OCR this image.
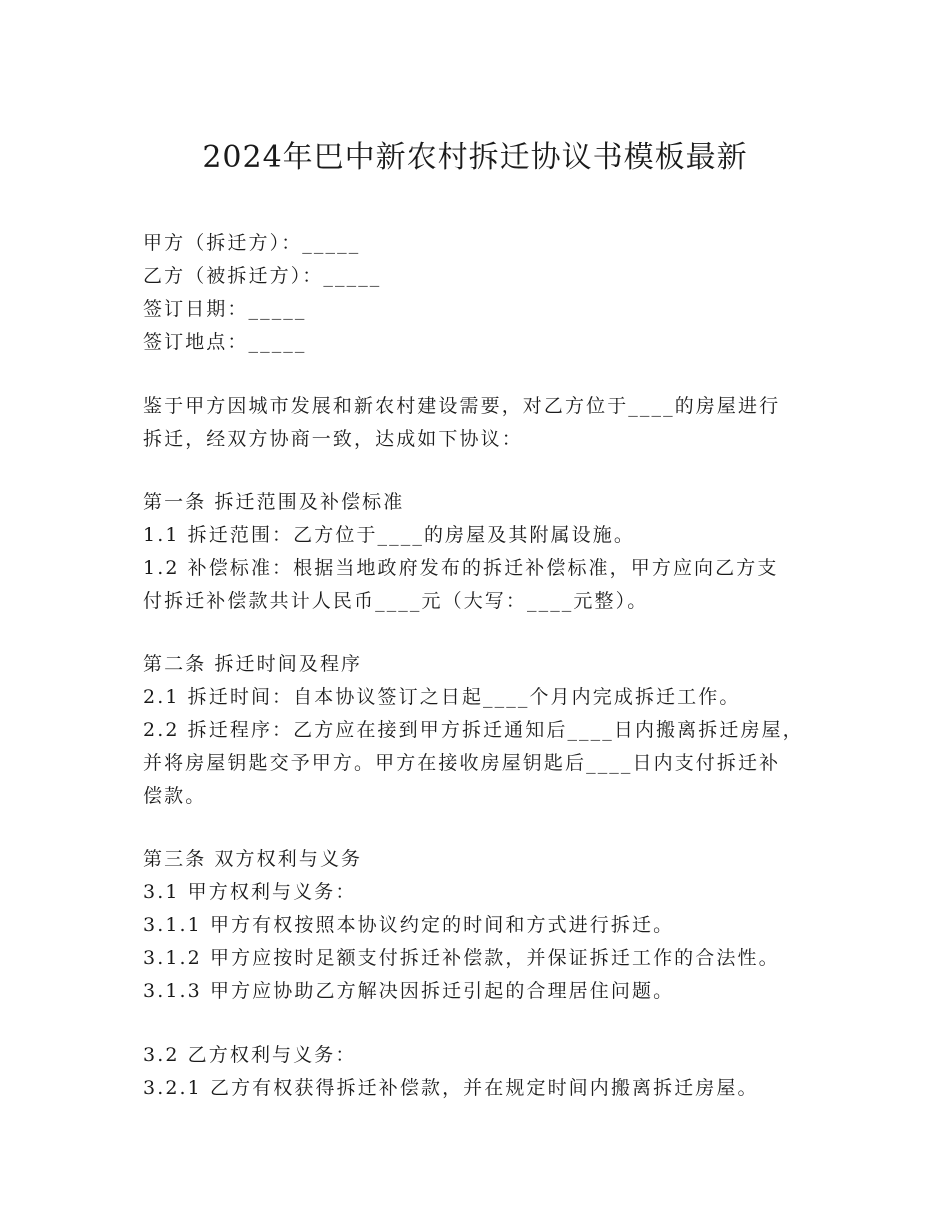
2024年巴中新农村拆迁协议书模板最新
甲方（拆迁方）：_____
乙方（被拆迁方）：_____
签订日期：_____
签订地点：_____
鉴于甲方因城市发展和新农村建设需要，对乙方位于____的房屋进行
拆迁，经双方协商一致，达成如下协议：
第一条 拆迁范围及补偿标准
1.1 拆迁范围：乙方位于____的房屋及其附属设施。
1.2 补偿标准：根据当地政府发布的拆迁补偿标准，甲方应向乙方支
付拆迁补偿款共计人民币____元（大写：____元整）。
第二条 拆迁时间及程序
2.1 拆迁时间：自本协议签订之日起____个月内完成拆迁工作。
2.2 拆迁程序：乙方应在接到甲方拆迁通知后____日内搬离拆迁房屋，
并将房屋钥匙交予甲方。甲方在接收房屋钥匙后____日内支付拆迁补
偿款。
第三条 双方权利与义务
3.1 甲方权利与义务：
3.1.1 甲方有权按照本协议约定的时间和方式进行拆迁。
3.1.2 甲方应按时足额支付拆迁补偿款，并保证拆迁工作的合法性。
3.1.3 甲方应协助乙方解决因拆迁引起的合理居住问题。
3.2 乙方权利与义务：
3.2.1 乙方有权获得拆迁补偿款，并在规定时间内搬离拆迁房屋。
